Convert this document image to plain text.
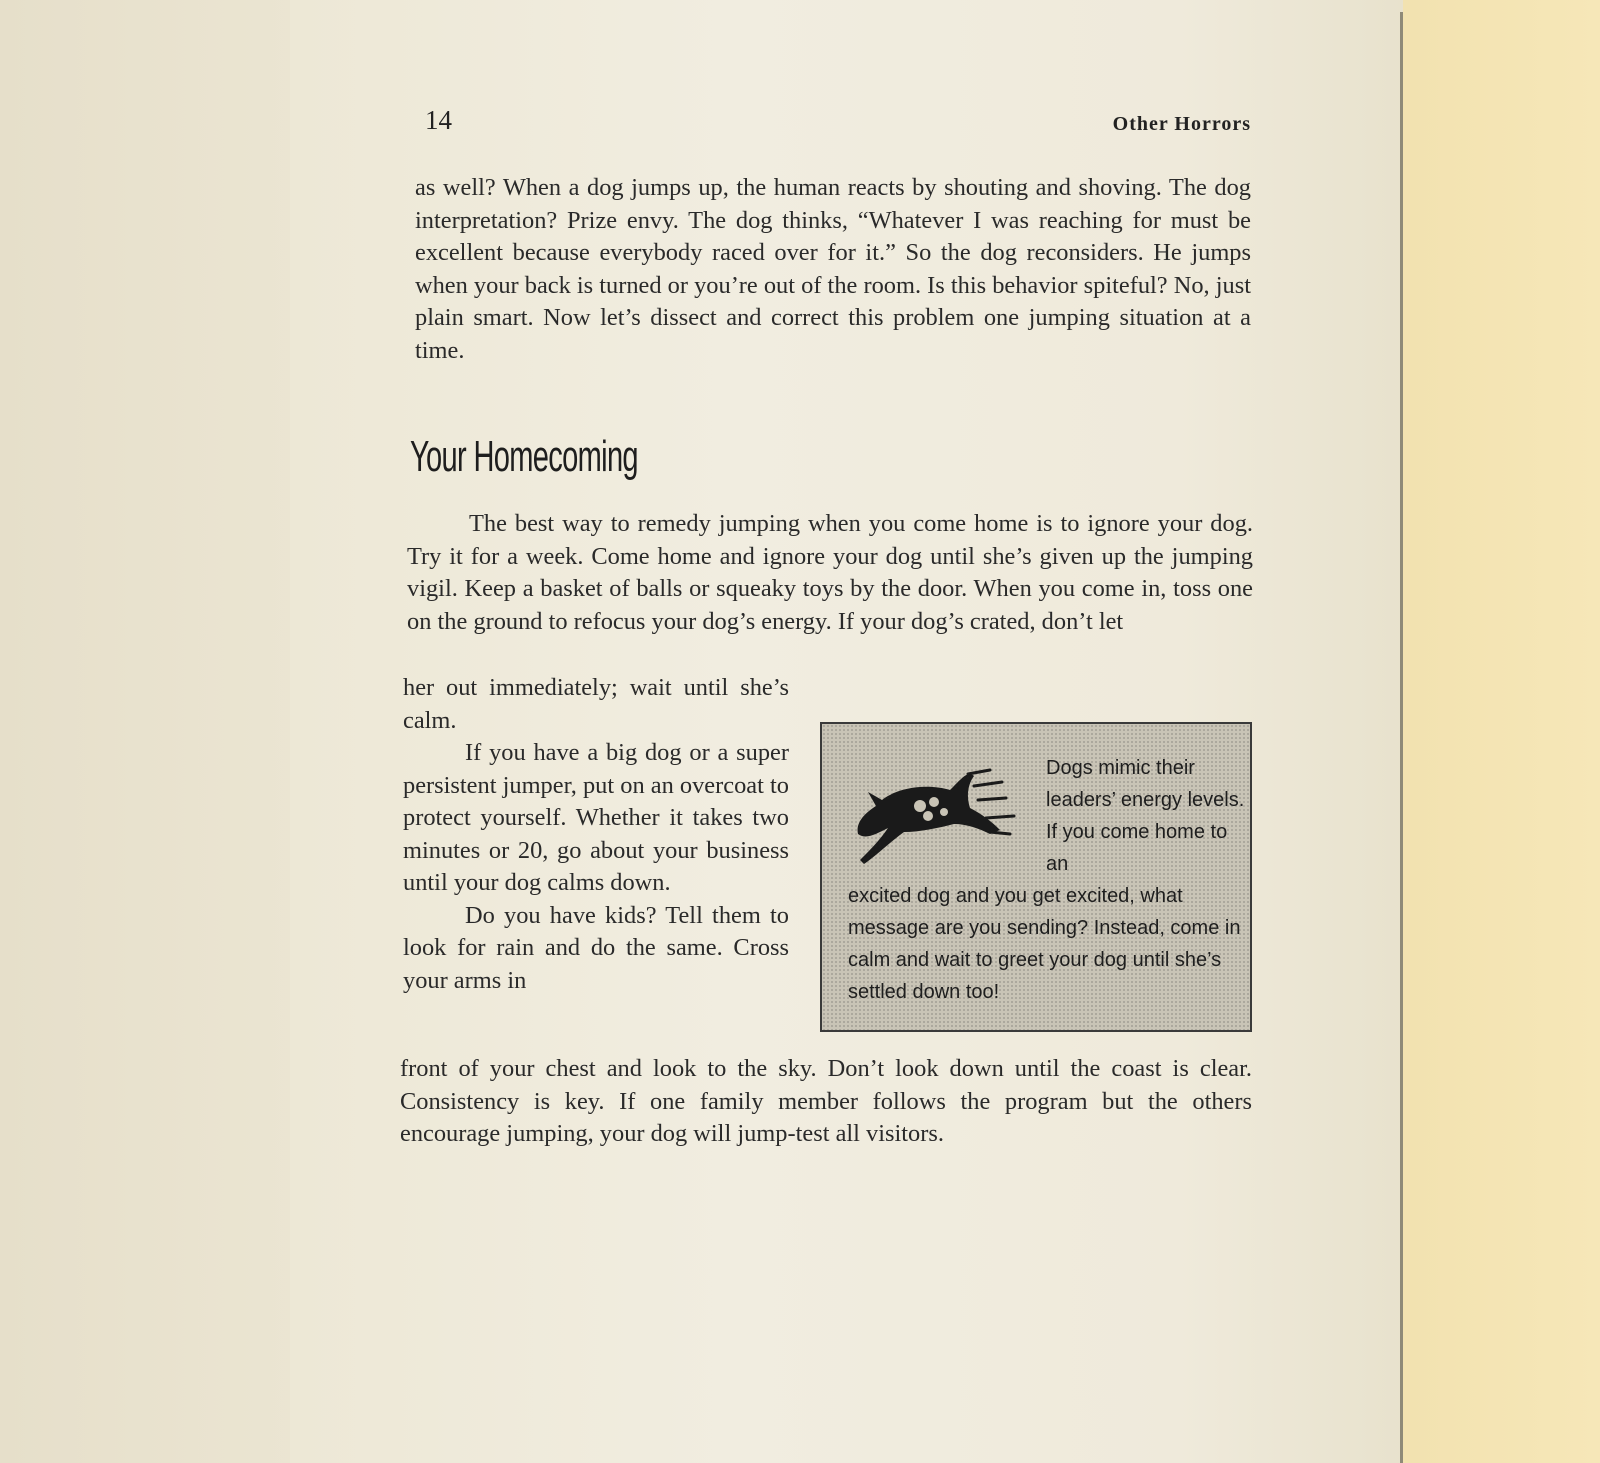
14	Other Horrors

as well? When a dog jumps up, the human reacts by shouting and shoving. The dog interpretation? Prize envy. The dog thinks, “Whatever I was reaching for must be excellent because everybody raced over for it.” So the dog reconsiders. He jumps when your back is turned or you’re out of the room. Is this behavior spiteful? No, just plain smart. Now let’s dissect and correct this problem one jumping situation at a time.

Your Homecoming

The best way to remedy jumping when you come home is to ignore your dog. Try it for a week. Come home and ignore your dog until she’s given up the jumping vigil. Keep a basket of balls or squeaky toys by the door. When you come in, toss one on the ground to refocus your dog’s energy. If your dog’s crated, don’t let

her out immediately; wait until she’s calm.

If you have a big dog or a super persistent jumper, put on an overcoat to protect yourself. Whether it takes two minutes or 20, go about your business until your dog calms down.

Do you have kids? Tell them to look for rain and do the same. Cross your arms in

front of your chest and look to the sky. Don’t look down until the coast is clear. Consistency is key. If one family member follows the program but the others encourage jumping, your dog will jump-test all visitors.

Dogs mimic their leaders’ energy levels. If you come home to an

excited dog and you get excited, what message are you sending? Instead, come in calm and wait to greet your dog until she’s settled down too!
